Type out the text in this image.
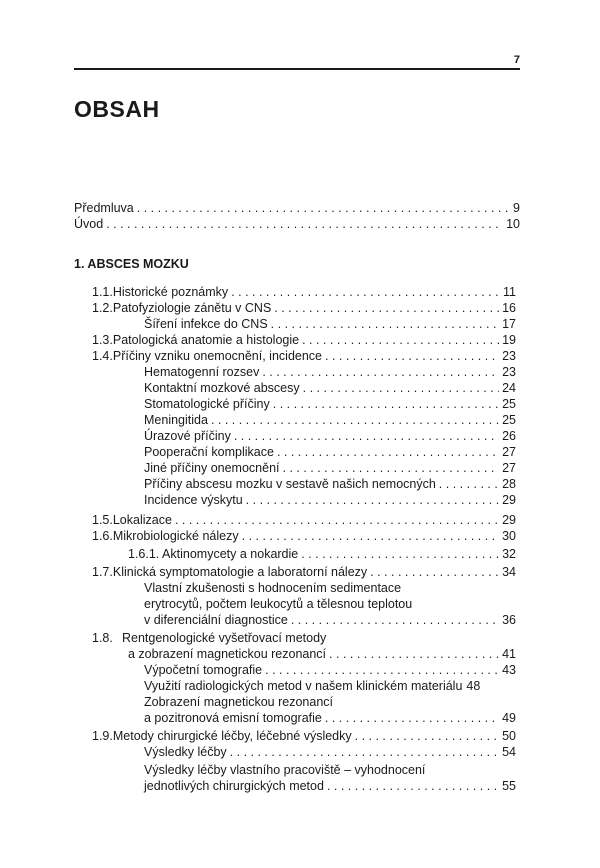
7
OBSAH
Předmluva . . .	9
Úvod . . .	10
1. ABSCES MOZKU
1.1. Historické poznámky . . .	11
1.2. Patofyziologie zánětu v CNS . . .	16
Šíření infekce do CNS . . .	17
1.3. Patologická anatomie a histologie . . .	19
1.4. Příčiny vzniku onemocnění, incidence . . .	23
Hematogenní rozsev . . .	23
Kontaktní mozkové abscesy . . .	24
Stomatologické příčiny . . .	25
Meningitida . . .	25
Úrazové příčiny . . .	26
Pooperační komplikace . . .	27
Jiné příčiny onemocnění . . .	27
Příčiny abscesu mozku v sestavě našich nemocných . . .	28
Incidence výskytu . . .	29
1.5. Lokalizace . . .	29
1.6. Mikrobiologické nálezy . . .	30
1.6.1. Aktinomycety a nokardie . . .	32
1.7. Klinická symptomatologie a laboratorní nálezy . . .	34
Vlastní zkušenosti s hodnocením sedimentace
erytrocytů, počtem leukocytů a tělesnou teplotou
v diferenciální diagnostice . . .	36
1.8. Rentgenologické vyšetřovací metody
a zobrazení magnetickou rezonancí . . .	41
Výpočetní tomografie . . .	43
Využití radiologických metod v našem klinickém materiálu 48
Zobrazení magnetickou rezonancí
a pozitronová emisní tomografie . . .	49
1.9. Metody chirurgické léčby, léčebné výsledky . . .	50
Výsledky léčby . . .	54
Výsledky léčby vlastního pracoviště – vyhodnocení
jednotlivých chirurgických metod . . .	55
